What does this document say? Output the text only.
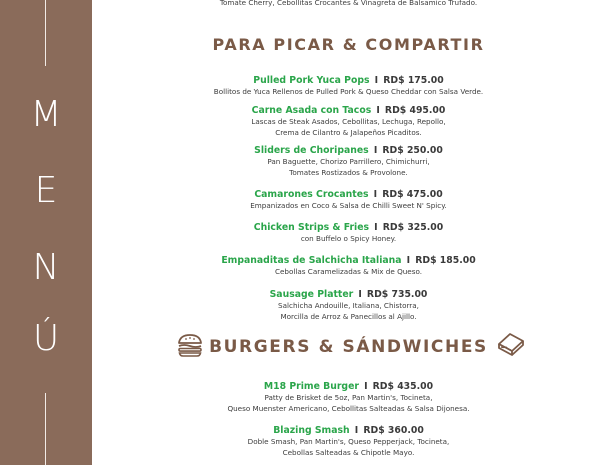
M
E
N
Ú
Tomate Cherry, Cebollitas Crocantes & Vinagreta de Balsamico Trufado.
PARA PICAR & COMPARTIR
Pulled Pork Yuca Pops I RD$ 175.00
Bollitos de Yuca Rellenos de Pulled Pork & Queso Cheddar con Salsa Verde.
Carne Asada con Tacos I RD$ 495.00
Lascas de Steak Asados, Cebollitas, Lechuga, Repollo,
Crema de Cilantro & Jalapeños Picaditos.
Sliders de Choripanes I RD$ 250.00
Pan Baguette, Chorizo Parrillero, Chimichurri,
Tomates Rostizados & Provolone.
Camarones Crocantes I RD$ 475.00
Empanizados en Coco & Salsa de Chilli Sweet N' Spicy.
Chicken Strips & Fries I RD$ 325.00
con Buffelo o Spicy Honey.
Empanaditas de Salchicha Italiana I RD$ 185.00
Cebollas Caramelizadas & Mix de Queso.
Sausage Platter I RD$ 735.00
Salchicha Andouille, Italiana, Chistorra,
Morcilla de Arroz & Panecillos al Ajillo.
BURGERS & SÁNDWICHES
M18 Prime Burger I RD$ 435.00
Patty de Brisket de 5oz, Pan Martin's, Tocineta,
Queso Muenster Americano, Cebollitas Salteadas & Salsa Dijonesa.
Blazing Smash I RD$ 360.00
Doble Smash, Pan Martin's, Queso Pepperjack, Tocineta,
Cebollas Salteadas & Chipotle Mayo.
